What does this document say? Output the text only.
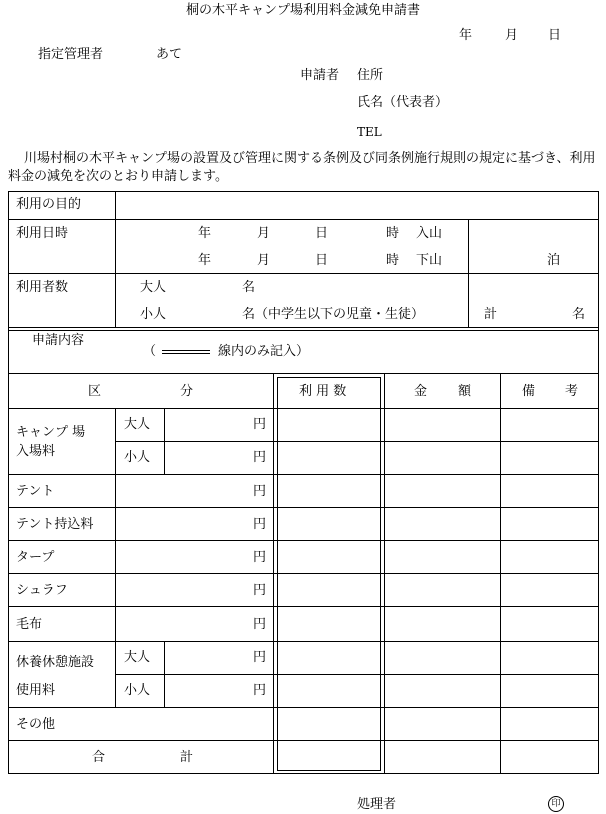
桐の木平キャンプ場利用料金減免申請書
年	月 日
指定管理者	あて
申請者 住所
氏名（代表者）
TEL
川場村桐の木平キャンプ場の設置及び管理に関する条例及び同条例施行規則の規定に基づき、利用料金の減免を次のとおり申請します。
利用の目的
利用日時	年	月	日	時 入山
年	月	日	時 下山	泊
利用者数	大人	名
小人	名（中学生以下の児童・生徒）	計	名
申請内容
（	線内のみ記入）
区	分	利 用 数	金 額	備 考
キャンプ 場
入場料
大人	円
小人	円
テント	円
テント持込料	円
タープ	円
シュラフ	円
毛布	円
休養休憩施設
使用料
大人	円
小人	円
その他
合	計
処理者	印
